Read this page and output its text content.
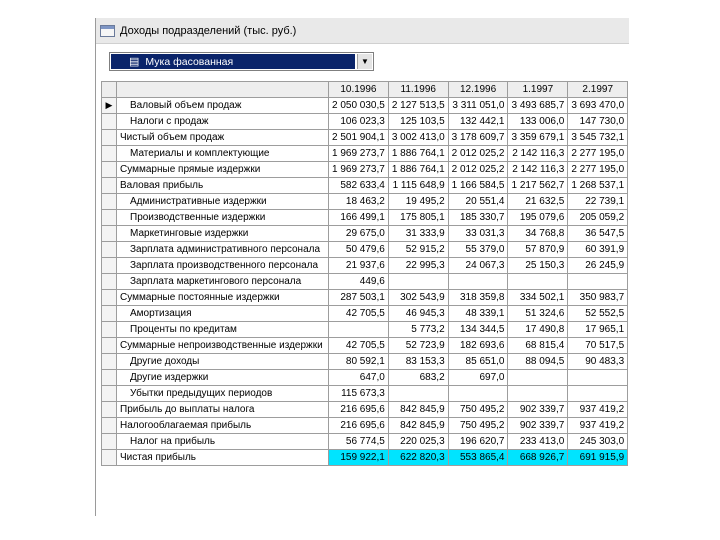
Доходы подразделений (тыс. руб.)
▤ Мука фасованная	▼
		10.1996	11.1996	12.1996	1.1997	2.1997
▶	Валовый объем продаж	2 050 030,5	2 127 513,5	3 311 051,0	3 493 685,7	3 693 470,0
	Налоги с продаж	106 023,3	125 103,5	132 442,1	133 006,0	147 730,0
	Чистый объем продаж	2 501 904,1	3 002 413,0	3 178 609,7	3 359 679,1	3 545 732,1
	Материалы и комплектующие	1 969 273,7	1 886 764,1	2 012 025,2	2 142 116,3	2 277 195,0
	Суммарные прямые издержки	1 969 273,7	1 886 764,1	2 012 025,2	2 142 116,3	2 277 195,0
	Валовая прибыль	582 633,4	1 115 648,9	1 166 584,5	1 217 562,7	1 268 537,1
	Административные издержки	18 463,2	19 495,2	20 551,4	21 632,5	22 739,1
	Производственные издержки	166 499,1	175 805,1	185 330,7	195 079,6	205 059,2
	Маркетинговые издержки	29 675,0	31 333,9	33 031,3	34 768,8	36 547,5
	Зарплата административного персонала	50 479,6	52 915,2	55 379,0	57 870,9	60 391,9
	Зарплата производственного персонала	21 937,6	22 995,3	24 067,3	25 150,3	26 245,9
	Зарплата маркетингового персонала	449,6				
	Суммарные постоянные издержки	287 503,1	302 543,9	318 359,8	334 502,1	350 983,7
	Амортизация	42 705,5	46 945,3	48 339,1	51 324,6	52 552,5
	Проценты по кредитам		5 773,2	134 344,5	17 490,8	17 965,1
	Суммарные непроизводственные издержки	42 705,5	52 723,9	182 693,6	68 815,4	70 517,5
	Другие доходы	80 592,1	83 153,3	85 651,0	88 094,5	90 483,3
	Другие издержки	647,0	683,2	697,0		
	Убытки предыдущих периодов	115 673,3				
	Прибыль до выплаты налога	216 695,6	842 845,9	750 495,2	902 339,7	937 419,2
	Налогооблагаемая прибыль	216 695,6	842 845,9	750 495,2	902 339,7	937 419,2
	Налог на прибыль	56 774,5	220 025,3	196 620,7	233 413,0	245 303,0
	Чистая прибыль	159 922,1	622 820,3	553 865,4	668 926,7	691 915,9
